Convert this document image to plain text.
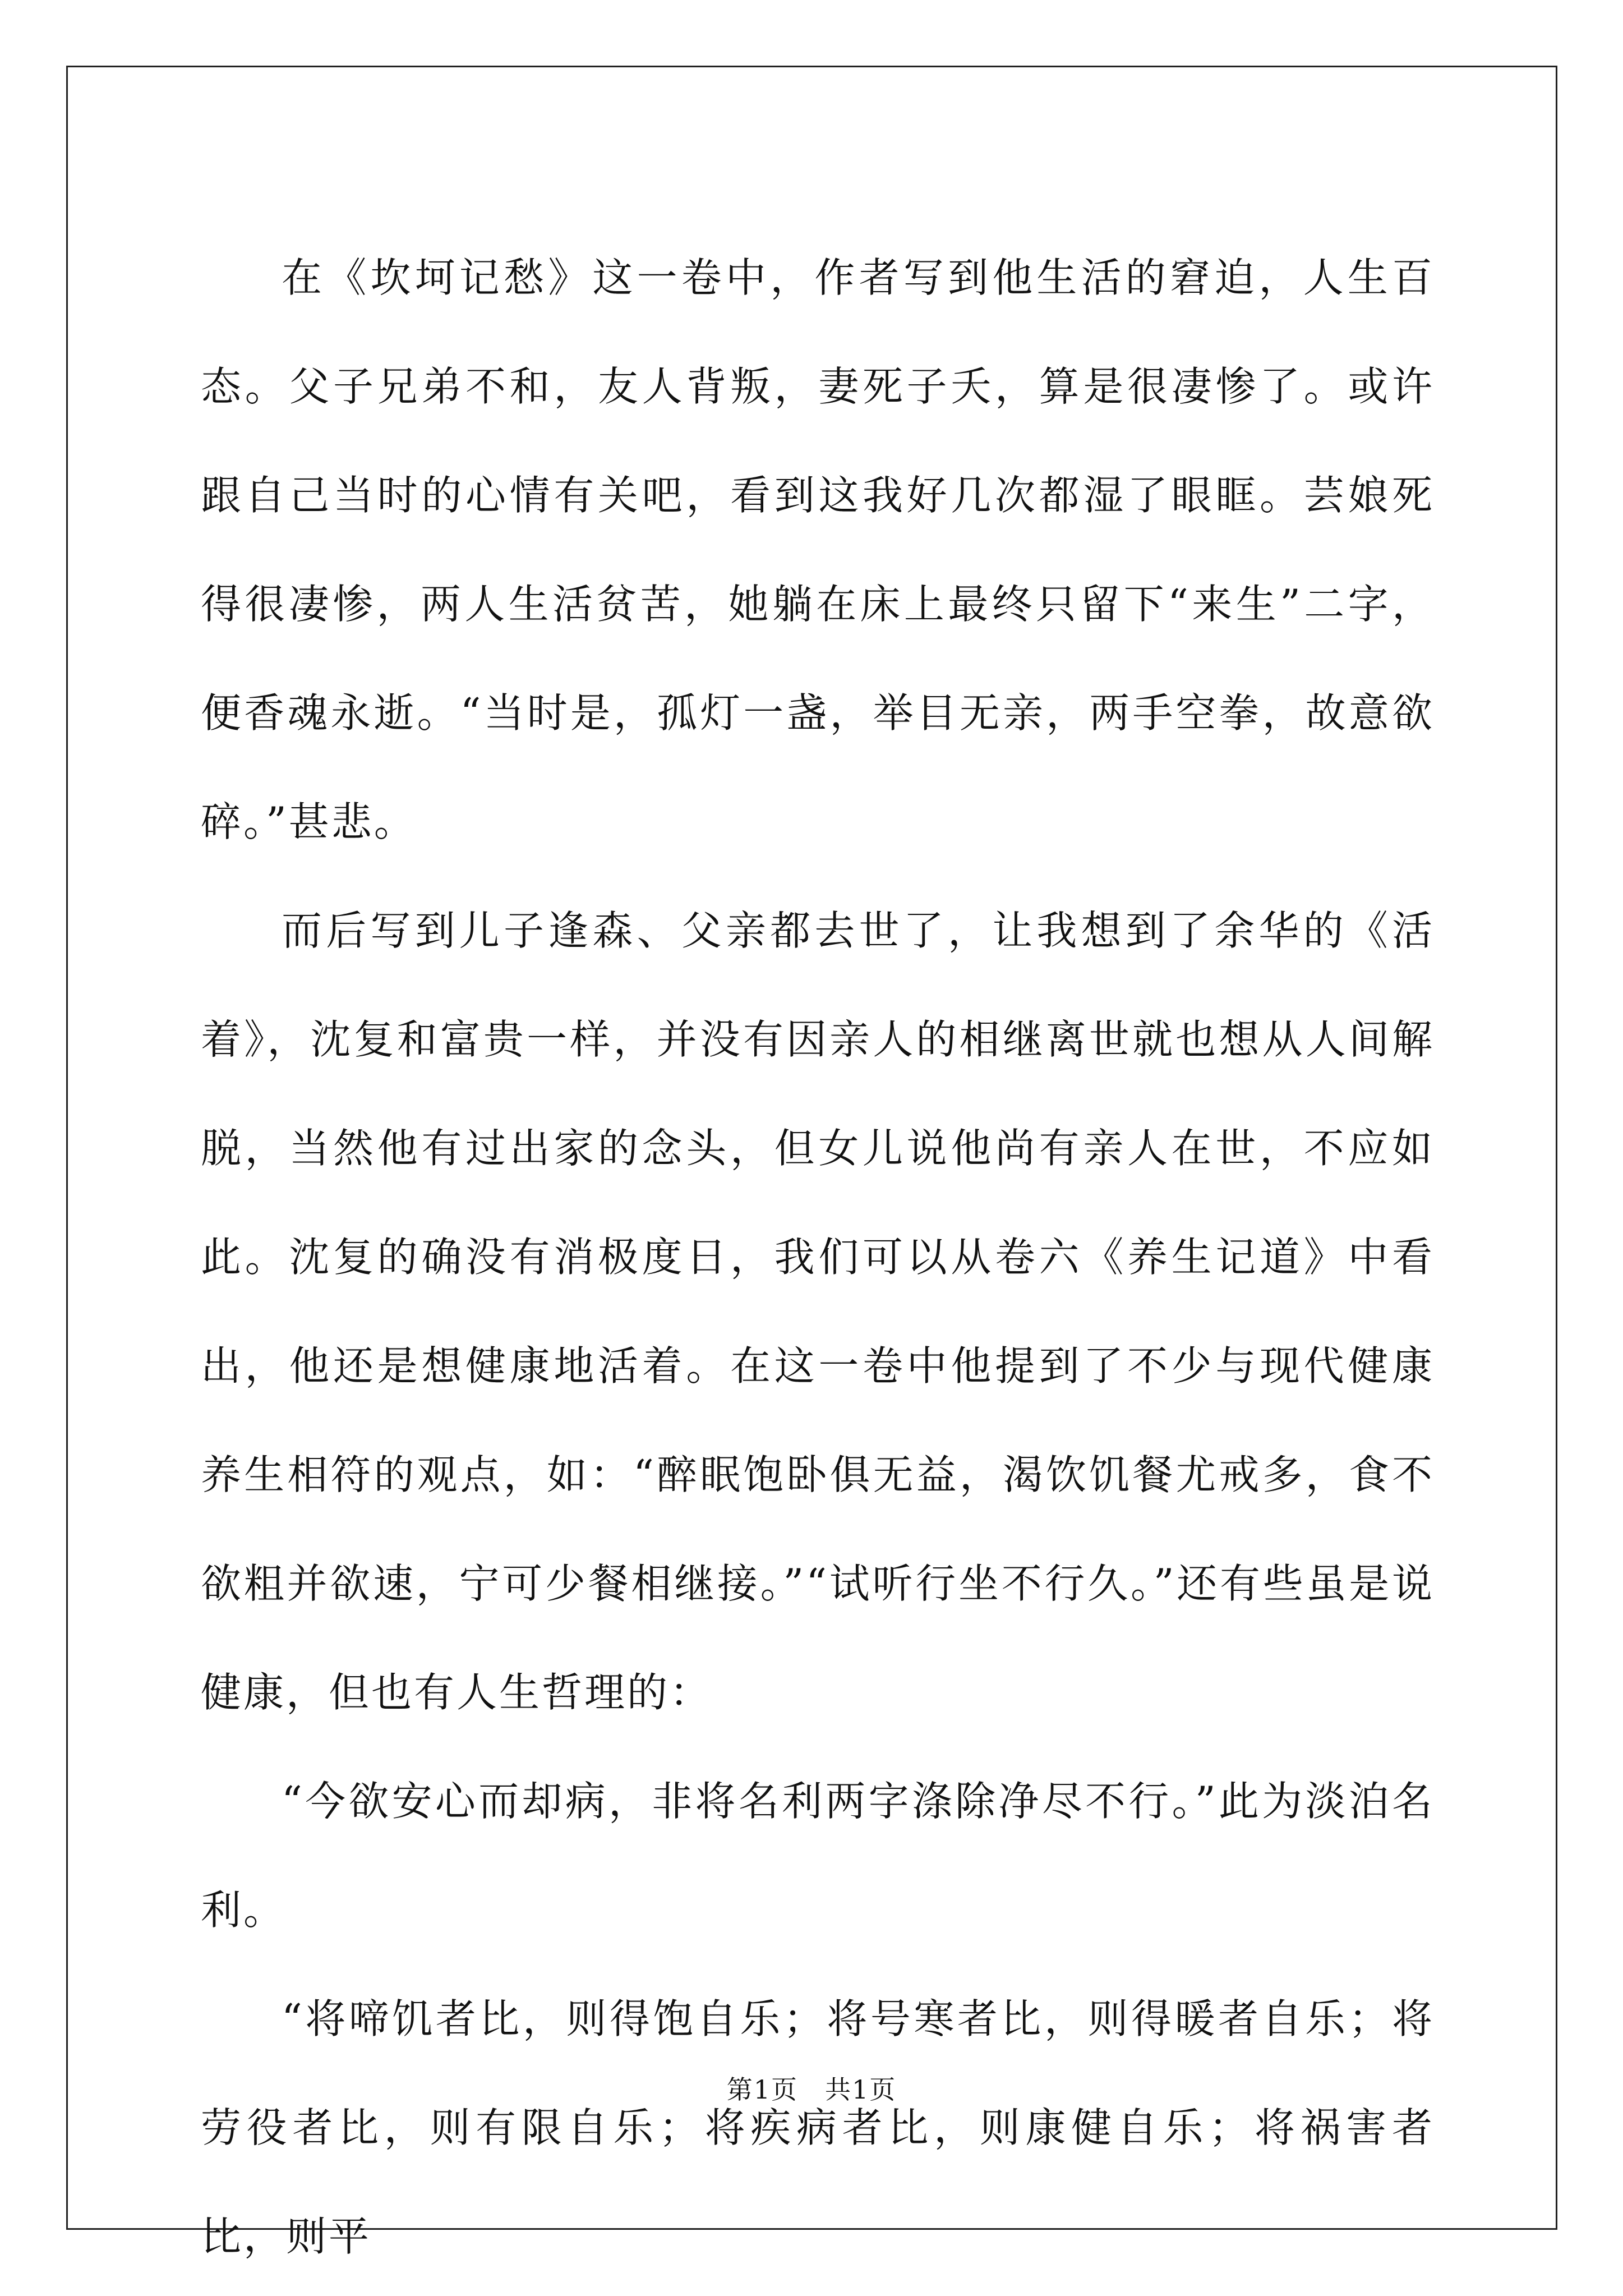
在《坎坷记愁》这一卷中，作者写到他生活的窘迫，人生百态。父子兄弟不和，友人背叛，妻死子夭，算是很凄惨了。或许跟自己当时的心情有关吧，看到这我好几次都湿了眼眶。芸娘死得很凄惨，两人生活贫苦，她躺在床上最终只留下“来生”二字，便香魂永逝。“当时是，孤灯一盏，举目无亲，两手空拳，故意欲碎。”甚悲。

而后写到儿子逢森、父亲都去世了，让我想到了余华的《活着》，沈复和富贵一样，并没有因亲人的相继离世就也想从人间解脱，当然他有过出家的念头，但女儿说他尚有亲人在世，不应如此。沈复的确没有消极度日，我们可以从卷六《养生记道》中看出，他还是想健康地活着。在这一卷中他提到了不少与现代健康养生相符的观点，如：“醉眠饱卧俱无益，渴饮饥餐尤戒多，食不欲粗并欲速，宁可少餐相继接。”“试听行坐不行久。”还有些虽是说健康，但也有人生哲理的：

“今欲安心而却病，非将名利两字涤除净尽不行。”此为淡泊名利。

“将啼饥者比，则得饱自乐；将号寒者比，则得暖者自乐；将劳役者比，则有限自乐；将疾病者比，则康健自乐；将祸害者比，则平

第1页　共1页
